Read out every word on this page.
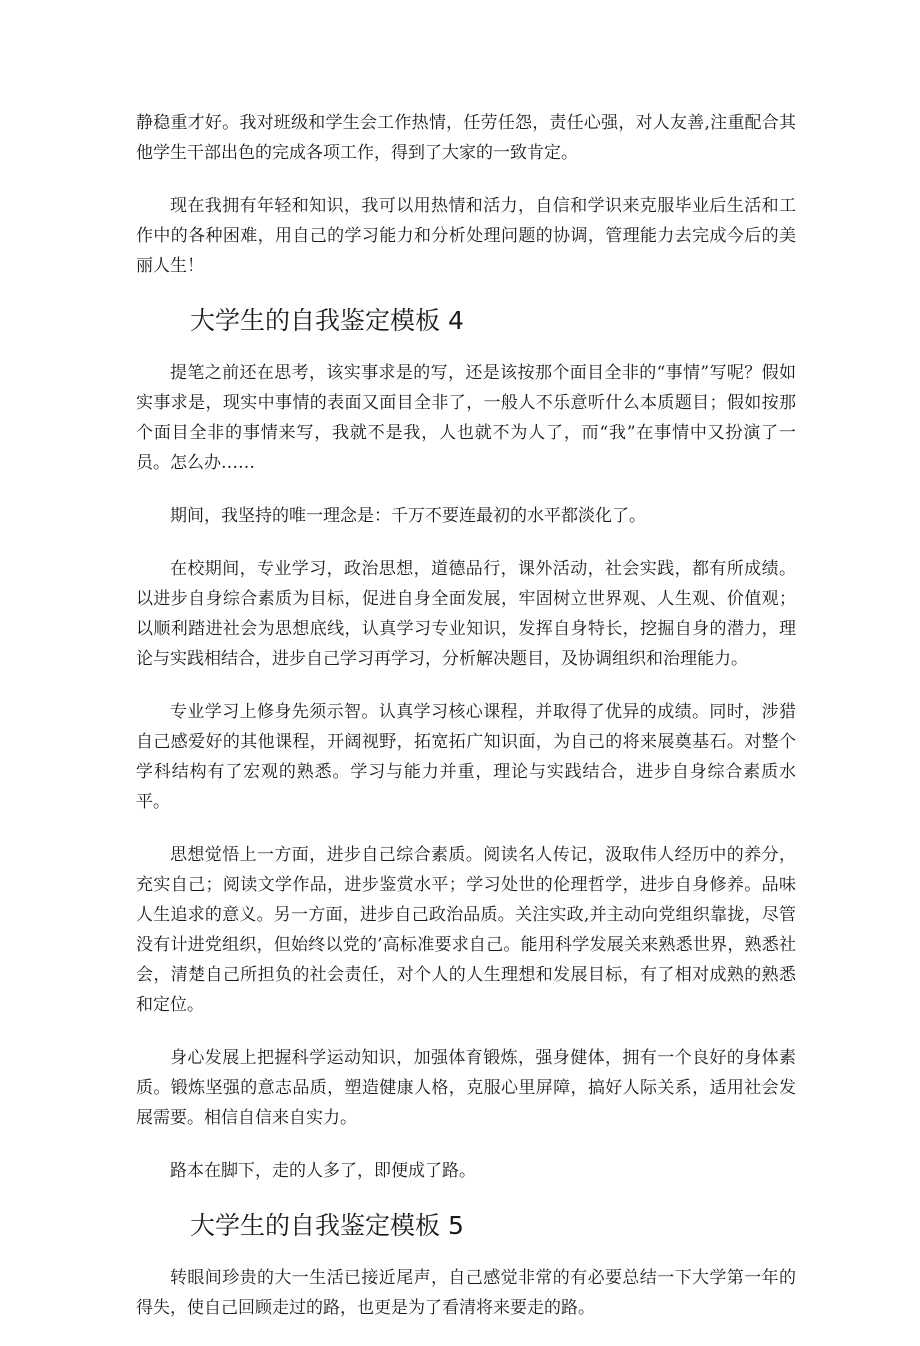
静稳重才好。我对班级和学生会工作热情，任劳任怨，责任心强，对人友善,注重配合其他学生干部出色的完成各项工作，得到了大家的一致肯定。

现在我拥有年轻和知识，我可以用热情和活力，自信和学识来克服毕业后生活和工作中的各种困难，用自己的学习能力和分析处理问题的协调，管理能力去完成今后的美丽人生！

大学生的自我鉴定模板 4

提笔之前还在思考，该实事求是的写，还是该按那个面目全非的“事情”写呢？假如实事求是，现实中事情的表面又面目全非了，一般人不乐意听什么本质题目；假如按那个面目全非的事情来写，我就不是我，人也就不为人了，而“我”在事情中又扮演了一员。怎么办……

期间，我坚持的唯一理念是：千万不要连最初的水平都淡化了。

在校期间，专业学习，政治思想，道德品行，课外活动，社会实践，都有所成绩。以进步自身综合素质为目标，促进自身全面发展，牢固树立世界观、人生观、价值观；以顺利踏进社会为思想底线，认真学习专业知识，发挥自身特长，挖掘自身的潜力，理论与实践相结合，进步自己学习再学习，分析解决题目，及协调组织和治理能力。

专业学习上修身先须示智。认真学习核心课程，并取得了优异的成绩。同时，涉猎自己感爱好的其他课程，开阔视野，拓宽拓广知识面，为自己的将来展奠基石。对整个学科结构有了宏观的熟悉。学习与能力并重，理论与实践结合，进步自身综合素质水平。

思想觉悟上一方面，进步自己综合素质。阅读名人传记，汲取伟人经历中的养分，充实自己；阅读文学作品，进步鉴赏水平；学习处世的伦理哲学，进步自身修养。品味人生追求的意义。另一方面，进步自己政治品质。关注实政,并主动向党组织靠拢，尽管没有计进党组织，但始终以党的’高标准要求自己。能用科学发展关来熟悉世界，熟悉社会，清楚自己所担负的社会责任，对个人的人生理想和发展目标，有了相对成熟的熟悉和定位。

身心发展上把握科学运动知识，加强体育锻炼，强身健体，拥有一个良好的身体素质。锻炼坚强的意志品质，塑造健康人格，克服心里屏障，搞好人际关系，适用社会发展需要。相信自信来自实力。

路本在脚下，走的人多了，即便成了路。

大学生的自我鉴定模板 5

转眼间珍贵的大一生活已接近尾声，自己感觉非常的有必要总结一下大学第一年的得失，使自己回顾走过的路，也更是为了看清将来要走的路。
